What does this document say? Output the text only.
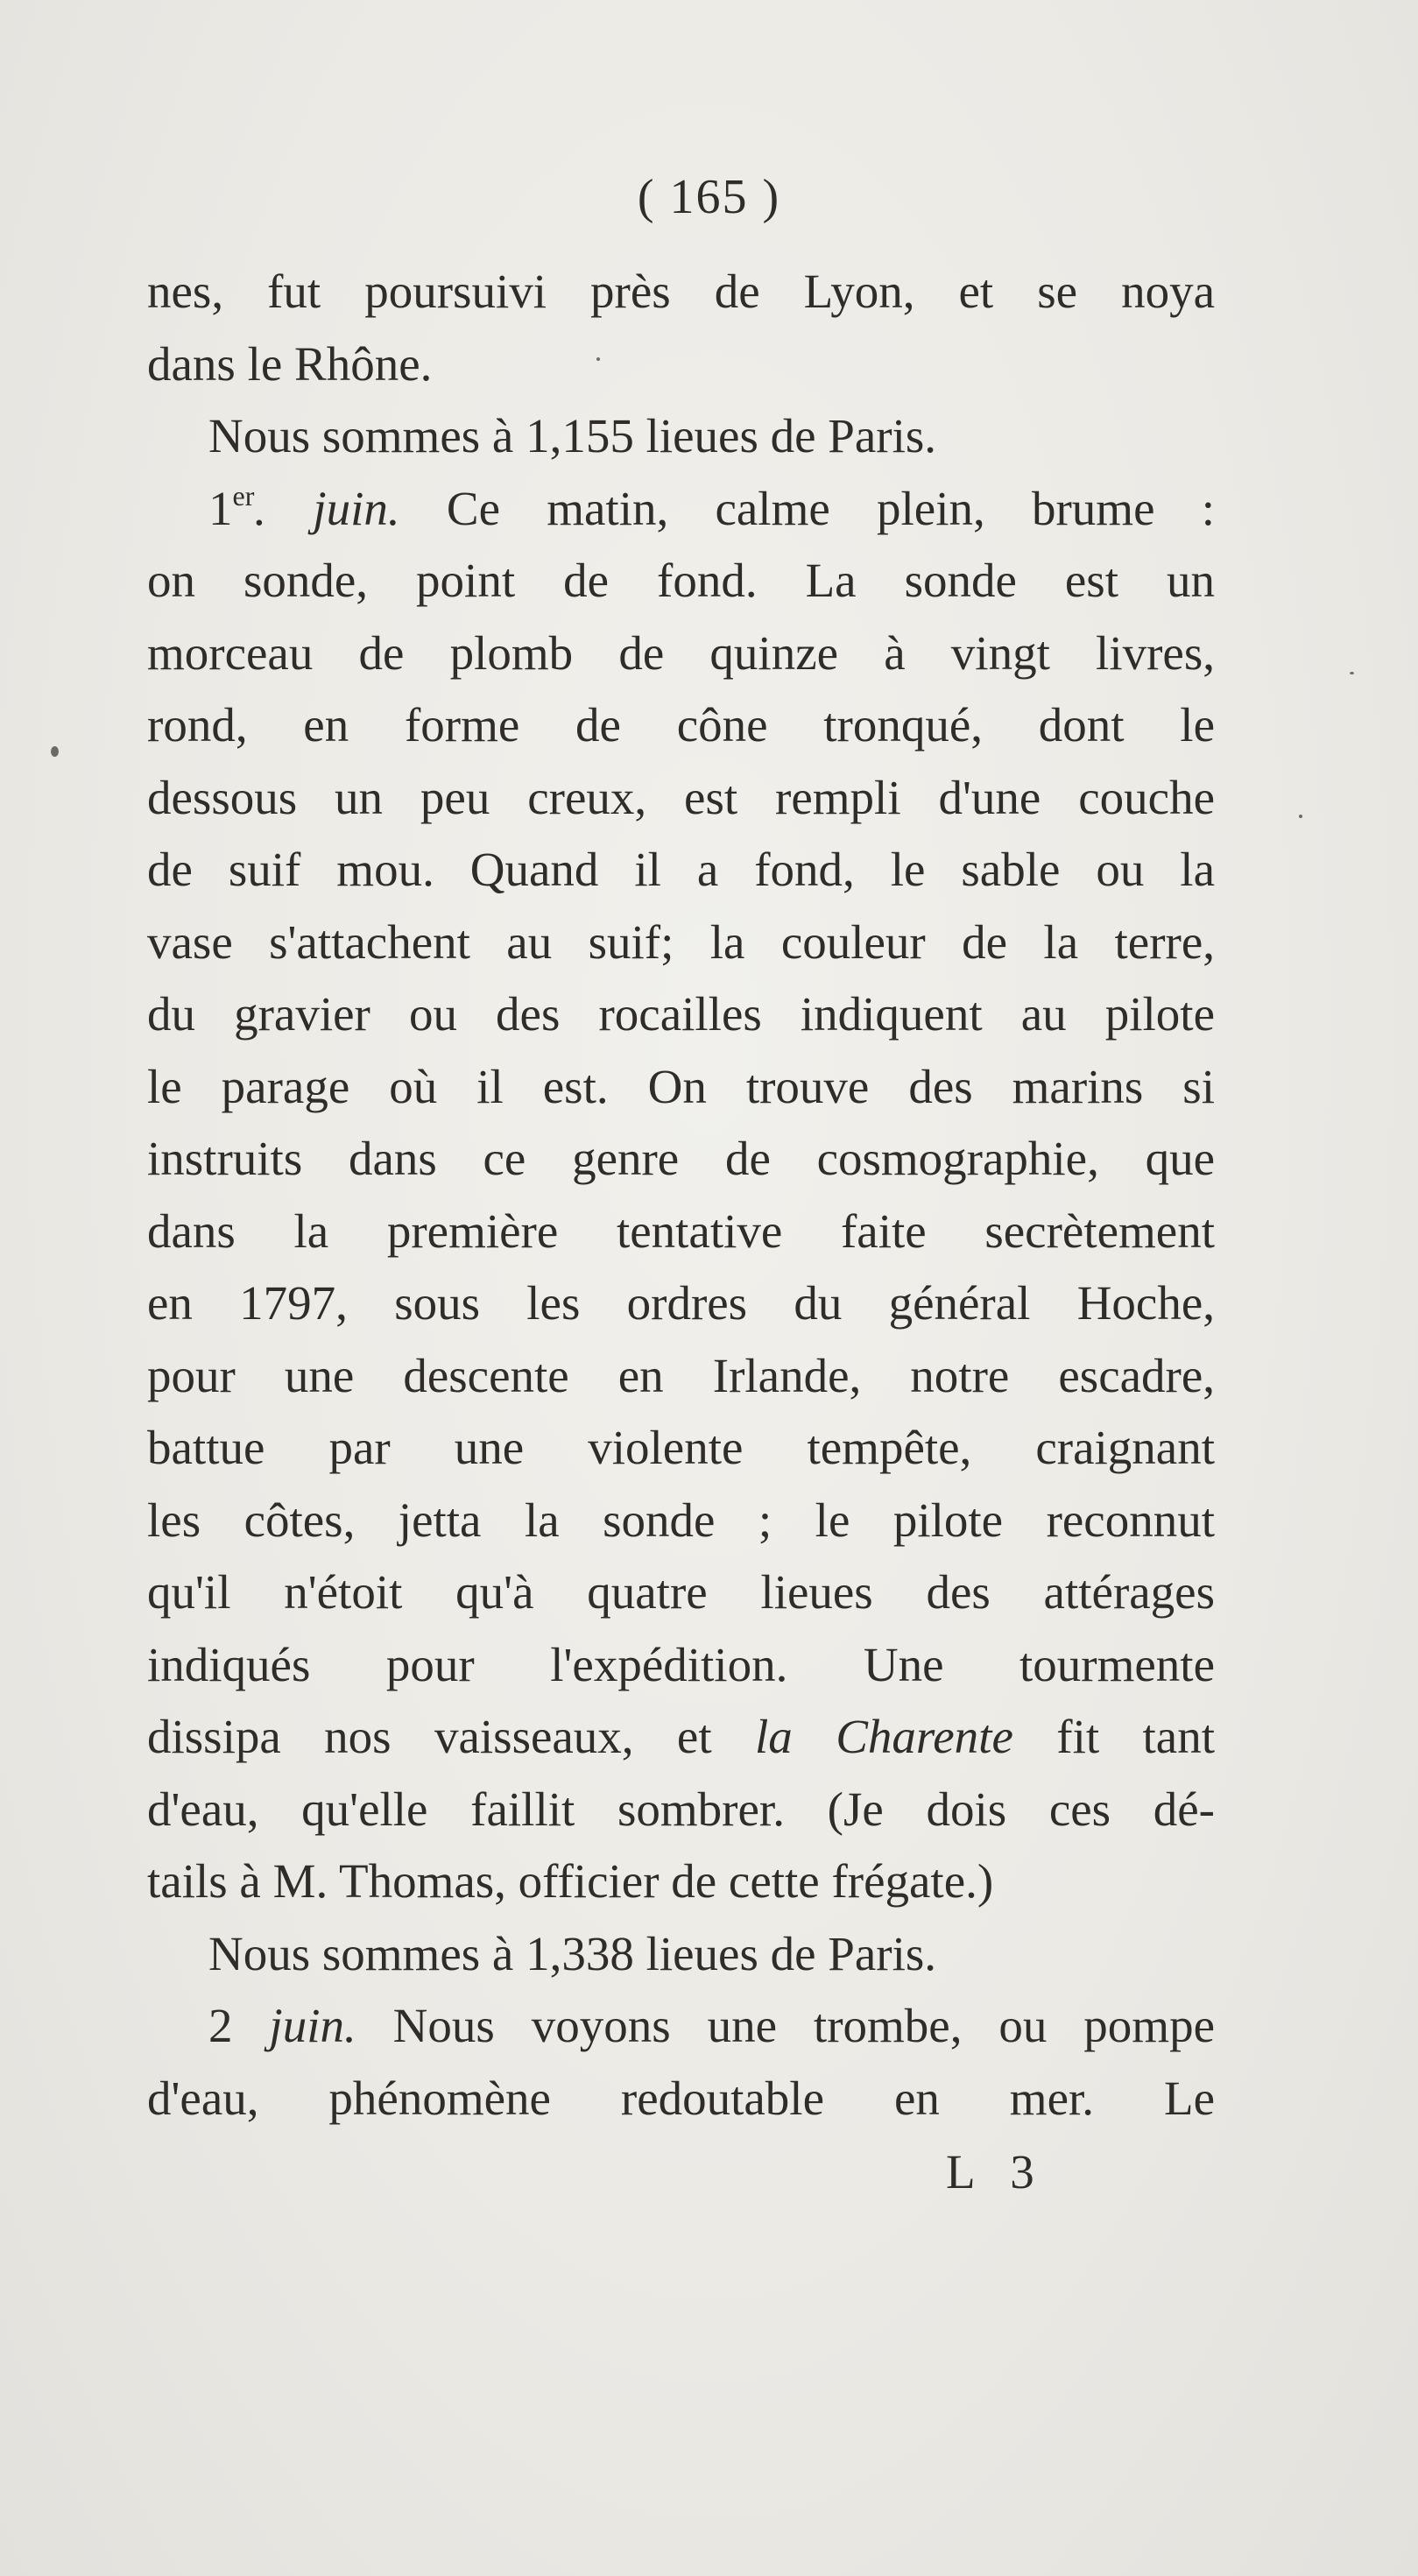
( 165 )
nes, fut poursuivi près de Lyon, et se noya
dans le Rhône.
Nous sommes à 1,155 lieues de Paris.
1er. juin. Ce matin, calme plein, brume :
on sonde, point de fond. La sonde est un
morceau de plomb de quinze à vingt livres,
rond, en forme de cône tronqué, dont le
dessous un peu creux, est rempli d'une couche
de suif mou. Quand il a fond, le sable ou la
vase s'attachent au suif; la couleur de la terre,
du gravier ou des rocailles indiquent au pilote
le parage où il est. On trouve des marins si
instruits dans ce genre de cosmographie, que
dans la première tentative faite secrètement
en 1797, sous les ordres du général Hoche,
pour une descente en Irlande, notre escadre,
battue par une violente tempête, craignant
les côtes, jetta la sonde ; le pilote reconnut
qu'il n'étoit qu'à quatre lieues des attérages
indiqués pour l'expédition. Une tourmente
dissipa nos vaisseaux, et la Charente fit tant
d'eau, qu'elle faillit sombrer. (Je dois ces dé-
tails à M. Thomas, officier de cette frégate.)
Nous sommes à 1,338 lieues de Paris.
2 juin. Nous voyons une trombe, ou pompe
d'eau, phénomène redoutable en mer. Le
L 3
